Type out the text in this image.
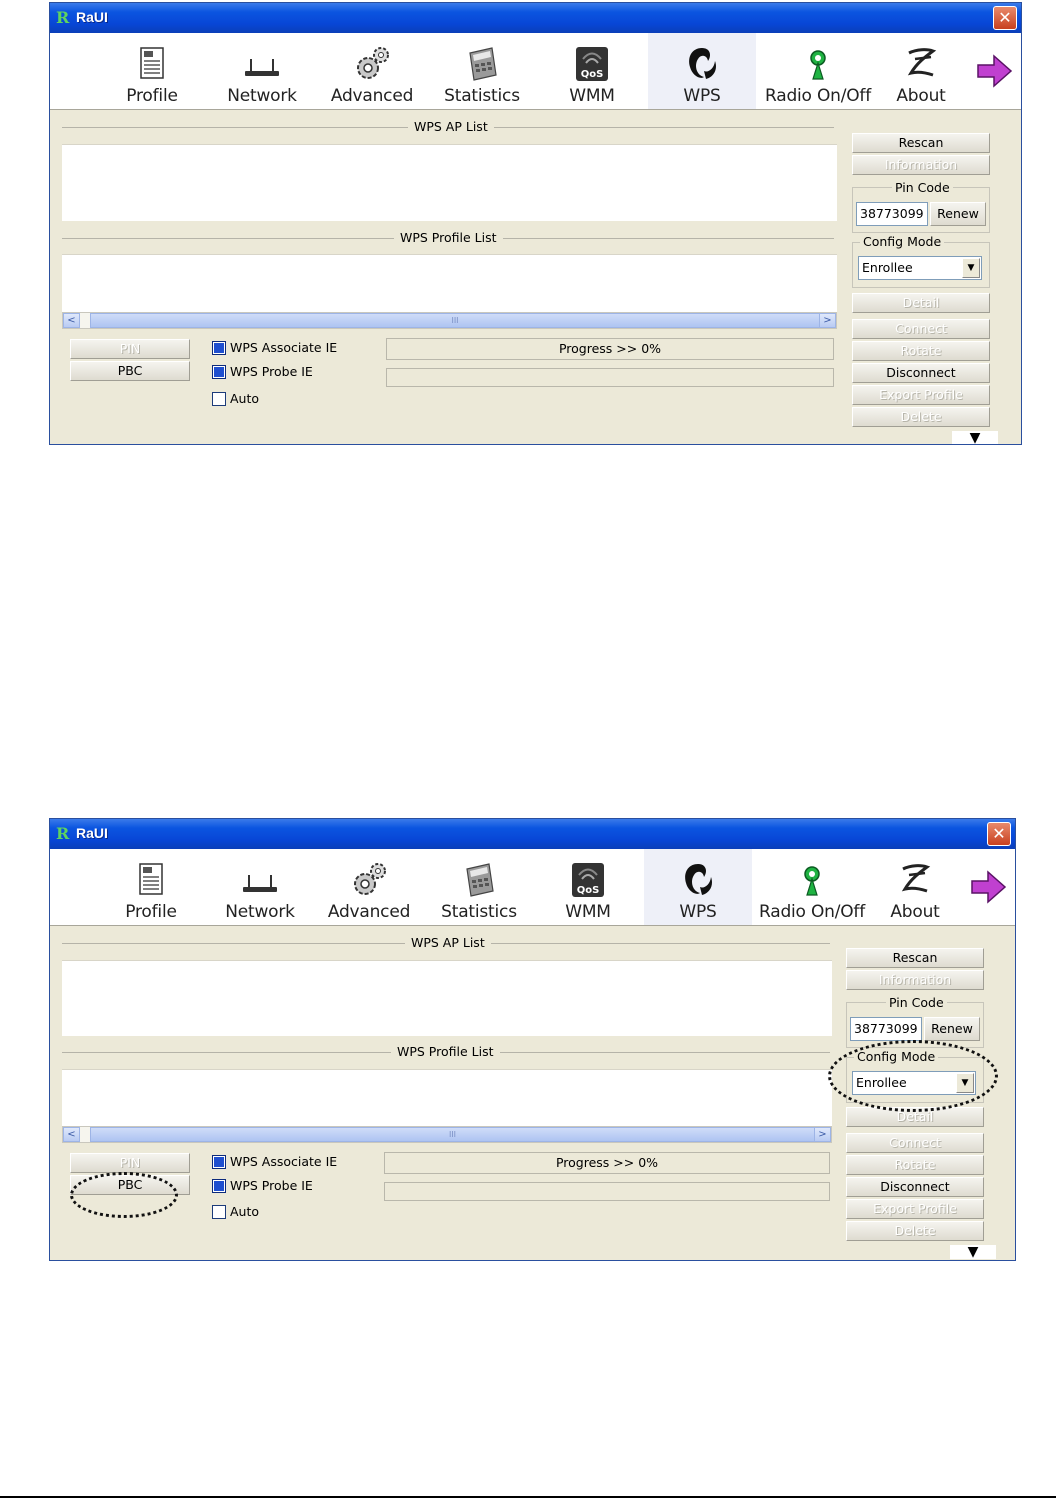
R RaUI	✕
Profile	Network	Advanced	Statistics
QoS
WMM	WPS	Radio On/Off	About
WPS AP List
WPS Profile List
<	III	>
PIN
PBC
WPS Associate IE
WPS Probe IE
Auto
Progress >> 0%
Rescan
Information
Pin Code
38773099	Renew
Config Mode
Enrollee	▼
Detail
Connect
Rotate
Disconnect
Export Profile
Delete
▼
R RaUI	✕
Profile	Network	Advanced	Statistics
QoS
WMM	WPS	Radio On/Off	About
WPS AP List
WPS Profile List
<	III	>
PIN
PBC
WPS Associate IE
WPS Probe IE
Auto
Progress >> 0%
Rescan
Information
Pin Code
38773099	Renew
Config Mode
Enrollee	▼
Detail
Connect
Rotate
Disconnect
Export Profile
Delete
▼
